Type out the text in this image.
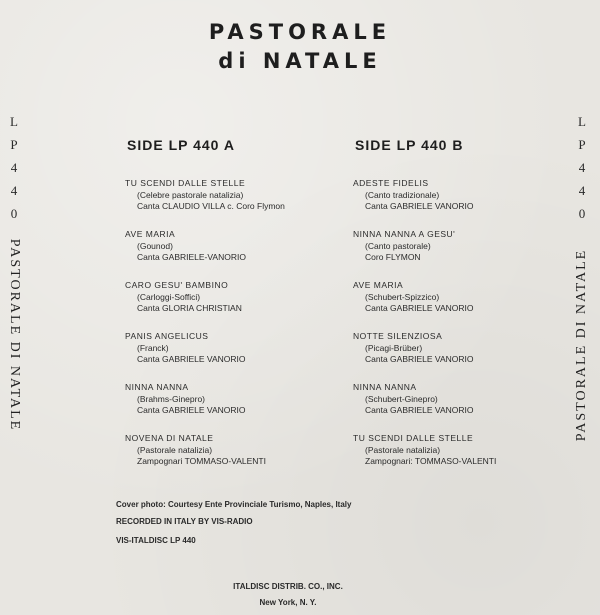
PASTORALE
di NATALE
L
P
4
4
0
L
P
4
4
0
PASTORALE DI NATALE	PASTORALE DI NATALE
SIDE LP 440 A	SIDE LP 440 B
TU SCENDI DALLE STELLE
(Celebre pastorale natalizia)
Canta CLAUDIO VILLA c. Coro Flymon
AVE MARIA
(Gounod)
Canta GABRIELE-VANORIO
CARO GESU' BAMBINO
(Carloggi-Soffici)
Canta GLORIA CHRISTIAN
PANIS ANGELICUS
(Franck)
Canta GABRIELE VANORIO
NINNA NANNA
(Brahms-Ginepro)
Canta GABRIELE VANORIO
NOVENA DI NATALE
(Pastorale natalizia)
Zampognari TOMMASO-VALENTI
ADESTE FIDELIS
(Canto tradizionale)
Canta GABRIELE VANORIO
NINNA NANNA A GESU'
(Canto pastorale)
Coro FLYMON
AVE MARIA
(Schubert-Spizzico)
Canta GABRIELE VANORIO
NOTTE SILENZIOSA
(Picagi-Brüber)
Canta GABRIELE VANORIO
NINNA NANNA
(Schubert-Ginepro)
Canta GABRIELE VANORIO
TU SCENDI DALLE STELLE
(Pastorale natalizia)
Zampognari: TOMMASO-VALENTI
Cover photo: Courtesy Ente Provinciale Turismo, Naples, Italy
RECORDED IN ITALY BY VIS-RADIO
VIS-ITALDISC LP 440
ITALDISC DISTRIB. CO., INC.
New York, N. Y.
